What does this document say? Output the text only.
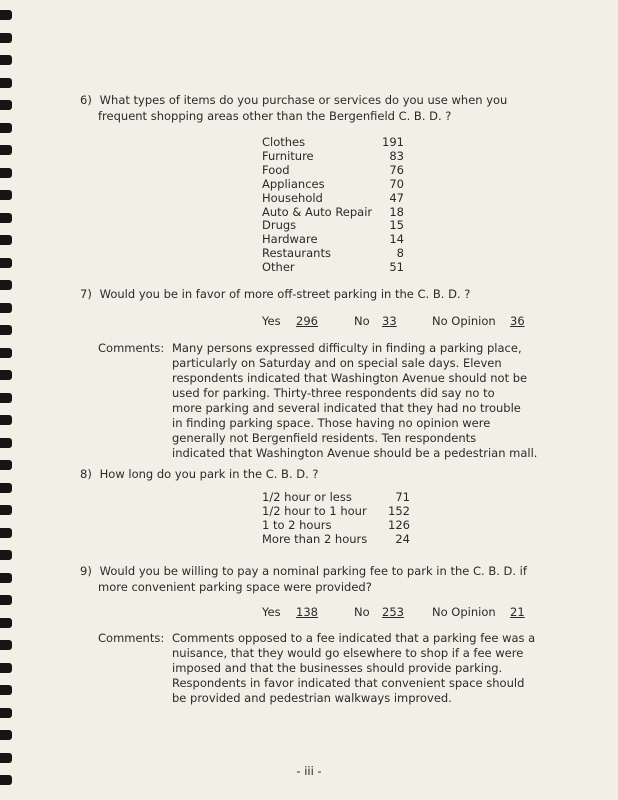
6) What types of items do you purchase or services do you use when you
frequent shopping areas other than the Bergenfield C. B. D. ?
Clothes	191
Furniture	83
Food	76
Appliances	70
Household	47
Auto & Auto Repair	18
Drugs	15
Hardware	14
Restaurants	8
Other	51
7) Would you be in favor of more off-street parking in the C. B. D. ?
Yes 296	No 33	No Opinion 36
Comments: Many persons expressed difficulty in finding a parking place,
particularly on Saturday and on special sale days. Eleven
respondents indicated that Washington Avenue should not be
used for parking. Thirty-three respondents did say no to
more parking and several indicated that they had no trouble
in finding parking space. Those having no opinion were
generally not Bergenfield residents. Ten respondents
indicated that Washington Avenue should be a pedestrian mall.
8) How long do you park in the C. B. D. ?
1/2 hour or less	71
1/2 hour to 1 hour	152
1 to 2 hours	126
More than 2 hours	24
9) Would you be willing to pay a nominal parking fee to park in the C. B. D. if
more convenient parking space were provided?
Yes 138	No 253 No Opinion 21
Comments: Comments opposed to a fee indicated that a parking fee was a
nuisance, that they would go elsewhere to shop if a fee were
imposed and that the businesses should provide parking.
Respondents in favor indicated that convenient space should
be provided and pedestrian walkways improved.
- iii -
